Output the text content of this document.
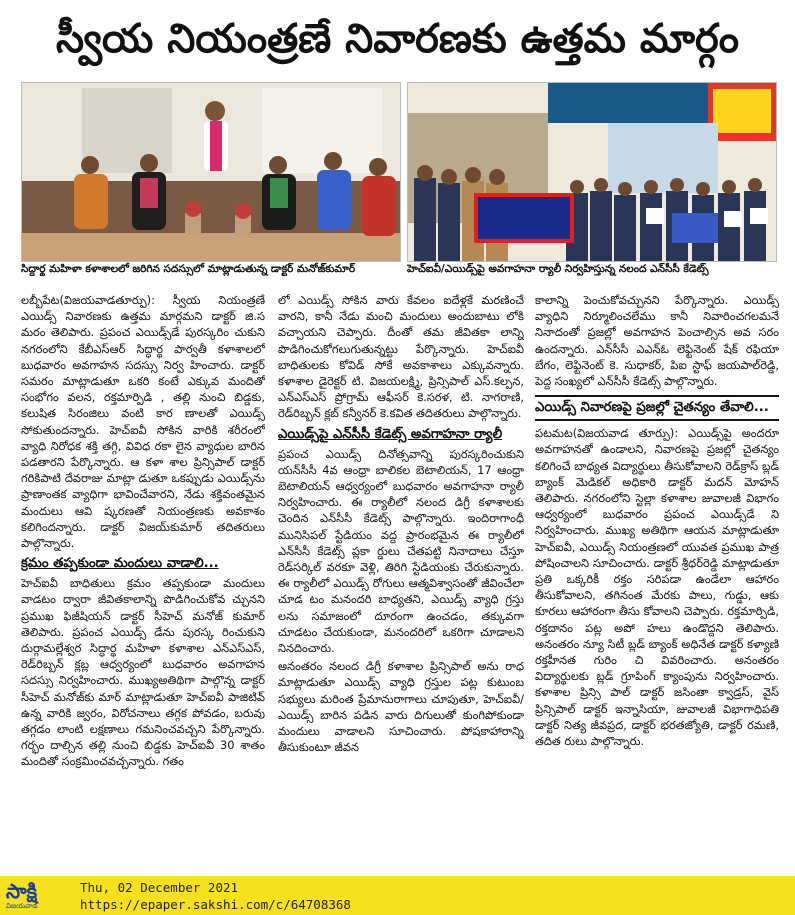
స్వీయ నియంత్రణే నివారణకు ఉత్తమ మార్గం
సిద్ధార్థ మహిళా కళాశాలలో జరిగిన సదస్సులో మాట్లాడుతున్న డాక్టర్ మనోజ్‌కుమార్	హెచ్‌ఐవీ/ఎయిడ్స్‌పై అవగాహనా ర్యాలీ నిర్వహిస్తున్న నలంద ఎన్‌సీసీ కేడెట్స్

లబ్బీపేట(విజయవాడతూర్పు): స్వీయ నియంత్రణే ఎయిడ్స్ నివారణకు ఉత్తమ మార్గమని డాక్టర్ జి.స మరం తెలిపారు. ప్రపంచ ఎయిడ్స్‌డే పురస్కరిం చుకుని నగరంలోని కేబీఎస్‌ఆర్ సిద్ధార్థ పార్వతీ కళాశాలలో బుధవారం అవగాహన సదస్సు నిర్వ హించారు. డాక్టర్ సమరం మాట్లాడుతూ ఒకరి కంటే ఎక్కువ మందితో సంభోగం వలన, రక్తమార్పిడి , తల్లి నుంచి బిడ్డకు, కలుషిత సిరంజిలు వంటి కార ణాలతో ఎయిడ్స్ సోకుతుందన్నారు. హెచ్‌ఐవీ సోకిన వారికి శరీరంలో వ్యాధి నిరోధక శక్తి తగ్గి, వివిధ రకా లైన వ్యాధుల బారిన పడతారని పేర్కొన్నారు. ఆ కళా శాల ప్రిన్సిపాల్ డాక్టర్ గరికిపాటి దేవరాజు మాట్లా డుతూ ఒకప్పుడు ఎయిడ్స్‌ను ప్రాణాంతక వ్యాధిగా భావించేవారని, నేడు శక్తివంతమైన మందులు ఆవి ష్కరణతో నియంత్రణకు అవకాశం కలిగిందన్నారు. డాక్టర్ విజయ్‌కుమార్ తదితరులు పాల్గొన్నారు.

క్రమం తప్పకుండా మందులు వాడాలి...

హెచ్‌ఐవీ బాధితులు క్రమం తప్పకుండా మందులు వాడటం ద్వారా జీవితకాలాన్ని పొడిగించుకోవ చ్చునని ప్రముఖ ఫిజీషియన్ డాక్టర్ సీహెచ్ మనోజ్ కుమార్ తెలిపారు. ప్రపంచ ఎయిడ్స్ డేను పురస్క రించుకుని దుర్గామల్లేశ్వర సిద్ధార్థ మహిళా కళాశాల ఎన్‌ఎస్‌ఎస్, రెడ్‌రిబ్బన్ క్లబ్ల ఆధ్వర్యంలో బుధవారం అవగాహన సదస్సు నిర్వహించారు. ముఖ్యఅతిథిగా పాల్గొన్న డాక్టర్ సీహెచ్ మనోజ్‌కు మార్ మాట్లాడుతూ హెచ్‌ఐవీ పాజిటివ్ ఉన్న వారికి జ్వరం, విరోచనాలు తగ్గక పోవడం, బరువు తగ్గడం లాంటి లక్షణాలు గమనించవచ్చని పేర్కొన్నారు. గర్భం దాల్చిన తల్లి నుంచి బిడ్డకు హెచ్‌ఐవీ 30 శాతం మందితో సంక్రమించవచ్చన్నారు. గతం

లో ఎయిడ్స్ సోకిన వారు కేవలం ఐదేళ్లకే మరణించే వారని, కానీ నేడు మంచి మందులు అందుబాటు లోకి వచ్చాయని చెప్పారు. దీంతో తమ జీవితకా లాన్ని పొడిగించుకోగలుగుతున్నట్టు పేర్కొన్నారు. హెచ్‌ఐవీ బాధితులకు కోవిడ్ సోకే అవకాశాలు ఎక్కువన్నారు. కళాశాల డైరెక్టర్ టి. విజయలక్ష్మి, ప్రిన్సిపాల్ ఎస్.కల్పన, ఎన్‌ఎస్‌ఎస్ ప్రోగ్రామ్ ఆఫీసర్ కె.సరళ, టి. నాగరాణి, రెడ్‌రిబ్బన్ క్లబ్ కన్వీనర్ కె.కవిత తదితరులు పాల్గొన్నారు.

ఎయిడ్స్‌పై ఎన్‌సీసీ కేడెట్స్ అవగాహనా ర్యాలీ

ప్రపంచ ఎయిడ్స్ దినోత్సవాన్ని పురస్కరించుకుని యన్‌సీసీ 4వ ఆంధ్రా బాలికల బెటాలియన్, 17 ఆంధ్రా బెటాలియన్ ఆధ్వర్యంలో బుధవారం అవగాహనా ర్యాలీ నిర్వహించారు. ఈ ర్యాలీలో నలంద డిగ్రీ కళాశాలకు చెందిన ఎన్‌సీసీ కేడెట్స్ పాల్గొన్నారు. ఇందిరాగాంధీ మునిసిపల్ స్టేడియం వద్ద ప్రారంభమైన ఈ ర్యాలీలో ఎన్‌సీసీ కేడెట్స్ ప్లకా ర్డులు చేతపట్టి నినాదాలు చేస్తూ రెడ్‌సర్కిల్ వరకూ వెళ్లి, తిరిగి స్టేడియంకు చేరుకున్నారు. ఈ ర్యాలీలో ఎయిడ్స్ రోగులు ఆత్మవిశ్వాసంతో జీవించేలా చూడ టం మనందరి బాధ్యతని, ఎయిడ్స్ వ్యాధి గ్రస్తు లను సమాజంలో దూరంగా ఉంచడం, తక్కువగా చూడటం చేయకుండా, మనందరిలో ఒకరిగా చూడాలని నినదించారు.

అనంతరం నలంద డిగ్రీ కళాశాల ప్రిన్సిపాల్ అను రాధ మాట్లాడుతూ ఎయిడ్స్ వ్యాధి గ్రస్తుల పట్ల కుటుంబ సభ్యులు మరింత ప్రేమానురాగాలు చూపుతూ, హెచ్‌ఐవీ/ఎయిడ్స్ బారిన పడిన వారు దిగులుతో కుంగిపోకుండా మందులు వాడాలని సూచించారు. పోషకాహారాన్ని తీసుకుంటూ జీవన

కాలాన్ని పెంచుకోవచ్చునని పేర్కొన్నారు. ఎయిడ్స్ వ్యాధిని నిర్మూలించలేము కానీ నివారించగలమనే నినాదంతో ప్రజల్లో అవగాహన పెంచాల్సిన అవ సరం ఉందన్నారు. ఎన్‌సీసీ ఎఎన్‌ఓ లెఫ్టినెంట్ షేక్ రఫియా బేగం, లెఫ్టినెంట్ కె. సుధాకర్, పిఐ స్టాఫ్ జయపాల్‌రెడ్డి, పెద్ద సంఖ్యలో ఎన్‌సీసీ కేడెట్స్ పాల్గొన్నారు.

ఎయిడ్స్ నివారణపై ప్రజల్లో చైతన్యం తేవాలి...

పటమట(విజయవాడ తూర్పు): ఎయిడ్స్‌పై అందరూ అవగాహనతో ఉండాలని, నివారణపై ప్రజల్లో చైతన్యం కలిగించే బాధ్యత విద్యార్థులు తీసుకోవాలని రెడ్‌క్రాస్ బ్లడ్ బ్యాంక్ మెడికల్ అధికారి డాక్టర్ మదన్ మోహన్ తెలిపారు. నగరంలోని స్టెల్లా కళాశాల జువాలజీ విభాగం ఆధ్వర్యంలో బుధవారం ప్రపంచ ఎయిడ్స్‌డే ని నిర్వహించారు. ముఖ్య అతిథిగా ఆయన మాట్లాడుతూ హెచ్‌ఐవీ, ఎయిడ్స్ నియంత్రణలో యువత ప్రముఖ పాత్ర పోషించాలని సూచించారు. డాక్టర్ శ్రీధర్‌రెడ్డి మాట్లాడుతూ ప్రతి ఒక్కరికీ రక్తం సరిపడా ఉండేలా ఆహారం తీసుకోవాలని, తగినంత మేరకు పాలు, గుడ్డు, ఆకు కూరలు ఆహారంగా తీసు కోవాలని చెప్పారు. రక్తమార్పిడి, రక్తదానం పట్ల అపో హలు ఉండొద్దని తెలిపారు. అనంతరం న్యూ సిటీ బ్లడ్ బ్యాంక్ అధినేత డాక్టర్ కళ్యాణి రక్తహీనత గురిం చి వివరించారు. అనంతరం విద్యార్థులకు బ్లడ్ గ్రూపింగ్ క్యాంపును నిర్వహించారు. కళాశాల ప్రిన్సి పాల్ డాక్టర్ జసింతా క్వాడ్రస్, వైస్ ప్రిన్సిపాల్ డాక్టర్ ఇన్నాసియా, జువాలజీ విభాగాధిపతి డాక్టర్ నిత్య జీవప్రద, డాక్టర్ భరతజ్యోతి, డాక్టర్ రమణి, తదిత రులు పాల్గొన్నారు.

సాక్షి
విజయవాడ
Thu, 02 December 2021
https://epaper.sakshi.com/c/64708368
